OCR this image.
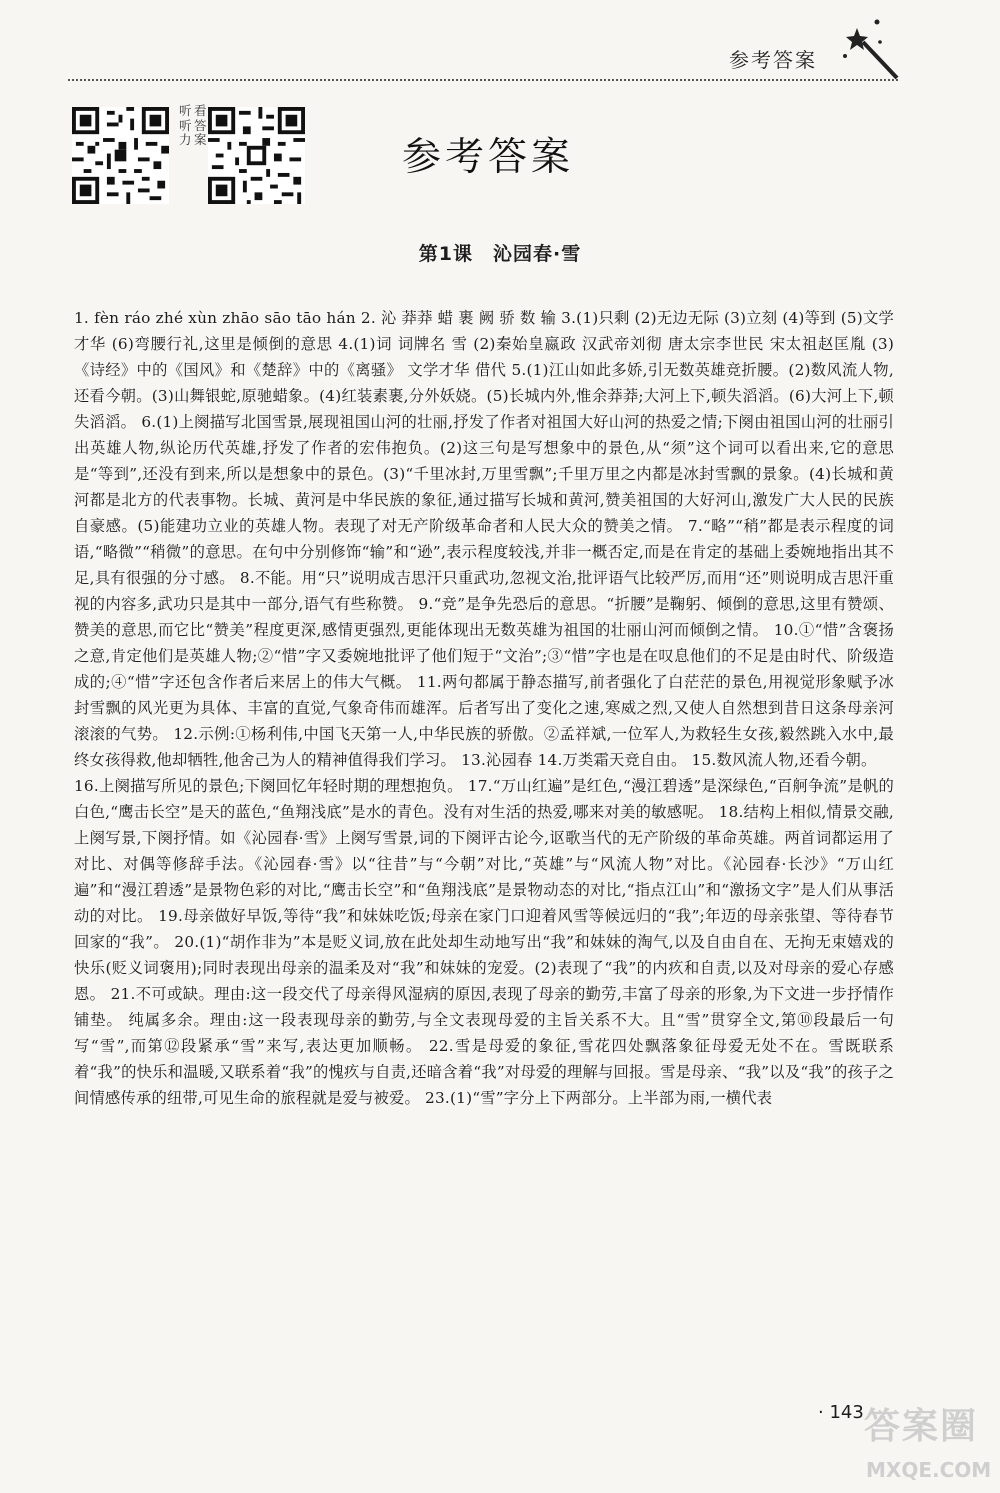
参考答案
听听力
看答案	参考答案
第1课　沁园春·雪

1. fèn ráo zhé xùn zhāo sāo tāo hán 2. 沁 莽莽 蜡 裹 阙 骄 数 输 3.(1)只剩 (2)无边无际 (3)立刻 (4)等到 (5)文学才华 (6)弯腰行礼,这里是倾倒的意思 4.(1)词 词牌名 雪 (2)秦始皇嬴政 汉武帝刘彻 唐太宗李世民 宋太祖赵匡胤 (3)《诗经》中的《国风》和《楚辞》中的《离骚》 文学才华 借代 5.(1)江山如此多娇,引无数英雄竞折腰。(2)数风流人物,还看今朝。(3)山舞银蛇,原驰蜡象。(4)红装素裹,分外妖娆。(5)长城内外,惟余莽莽;大河上下,顿失滔滔。(6)大河上下,顿失滔滔。 6.(1)上阕描写北国雪景,展现祖国山河的壮丽,抒发了作者对祖国大好山河的热爱之情;下阕由祖国山河的壮丽引出英雄人物,纵论历代英雄,抒发了作者的宏伟抱负。(2)这三句是写想象中的景色,从“须”这个词可以看出来,它的意思是“等到”,还没有到来,所以是想象中的景色。(3)“千里冰封,万里雪飘”;千里万里之内都是冰封雪飘的景象。(4)长城和黄河都是北方的代表事物。长城、黄河是中华民族的象征,通过描写长城和黄河,赞美祖国的大好河山,激发广大人民的民族自豪感。(5)能建功立业的英雄人物。表现了对无产阶级革命者和人民大众的赞美之情。 7.“略”“稍”都是表示程度的词语,“略微”“稍微”的意思。在句中分别修饰“输”和“逊”,表示程度较浅,并非一概否定,而是在肯定的基础上委婉地指出其不足,具有很强的分寸感。 8.不能。用“只”说明成吉思汗只重武功,忽视文治,批评语气比较严厉,而用“还”则说明成吉思汗重视的内容多,武功只是其中一部分,语气有些称赞。 9.“竞”是争先恐后的意思。“折腰”是鞠躬、倾倒的意思,这里有赞颂、赞美的意思,而它比“赞美”程度更深,感情更强烈,更能体现出无数英雄为祖国的壮丽山河而倾倒之情。 10.①“惜”含褒扬之意,肯定他们是英雄人物;②“惜”字又委婉地批评了他们短于“文治”;③“惜”字也是在叹息他们的不足是由时代、阶级造成的;④“惜”字还包含作者后来居上的伟大气概。 11.两句都属于静态描写,前者强化了白茫茫的景色,用视觉形象赋予冰封雪飘的风光更为具体、丰富的直觉,气象奇伟而雄浑。后者写出了变化之速,寒威之烈,又使人自然想到昔日这条母亲河滚滚的气势。 12.示例:①杨利伟,中国飞天第一人,中华民族的骄傲。②孟祥斌,一位军人,为救轻生女孩,毅然跳入水中,最终女孩得救,他却牺牲,他舍己为人的精神值得我们学习。 13.沁园春 14.万类霜天竞自由。 15.数风流人物,还看今朝。

16.上阕描写所见的景色;下阕回忆年轻时期的理想抱负。 17.“万山红遍”是红色,“漫江碧透”是深绿色,“百舸争流”是帆的白色,“鹰击长空”是天的蓝色,“鱼翔浅底”是水的青色。没有对生活的热爱,哪来对美的敏感呢。 18.结构上相似,情景交融,上阕写景,下阕抒情。如《沁园春·雪》上阕写雪景,词的下阕评古论今,讴歌当代的无产阶级的革命英雄。两首词都运用了对比、对偶等修辞手法。《沁园春·雪》以“往昔”与“今朝”对比,“英雄”与“风流人物”对比。《沁园春·长沙》“万山红遍”和“漫江碧透”是景物色彩的对比,“鹰击长空”和“鱼翔浅底”是景物动态的对比,“指点江山”和“激扬文字”是人们从事活动的对比。 19.母亲做好早饭,等待“我”和妹妹吃饭;母亲在家门口迎着风雪等候远归的“我”;年迈的母亲张望、等待春节回家的“我”。 20.(1)“胡作非为”本是贬义词,放在此处却生动地写出“我”和妹妹的淘气,以及自由自在、无拘无束嬉戏的快乐(贬义词褒用);同时表现出母亲的温柔及对“我”和妹妹的宠爱。(2)表现了“我”的内疚和自责,以及对母亲的爱心存感恩。 21.不可或缺。理由:这一段交代了母亲得风湿病的原因,表现了母亲的勤劳,丰富了母亲的形象,为下文进一步抒情作铺垫。 纯属多余。理由:这一段表现母亲的勤劳,与全文表现母爱的主旨关系不大。且“雪”贯穿全文,第⑩段最后一句写“雪”,而第⑫段紧承“雪”来写,表达更加顺畅。 22.雪是母爱的象征,雪花四处飘落象征母爱无处不在。雪既联系着“我”的快乐和温暖,又联系着“我”的愧疚与自责,还暗含着“我”对母爱的理解与回报。雪是母亲、“我”以及“我”的孩子之间情感传承的纽带,可见生命的旅程就是爱与被爱。 23.(1)“雪”字分上下两部分。上半部为雨,一横代表

· 143 ·
答案圈
MXQE.COM
